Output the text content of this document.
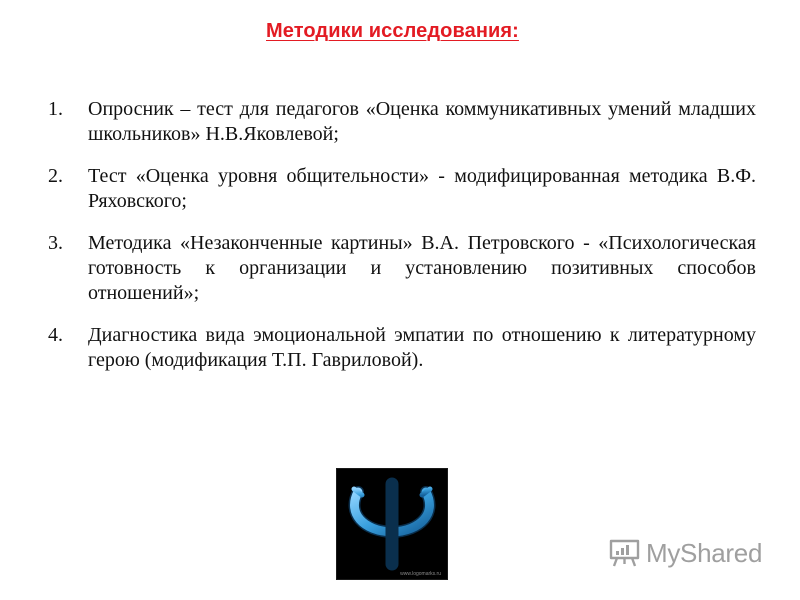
Методики исследования:
1.	Опросник – тест для педагогов «Оценка коммуникативных умений младших школьников» Н.В.Яковлевой;
2.	Тест «Оценка уровня общительности» - модифицированная методика В.Ф. Ряховского;
3.	Методика «Незаконченные картины» В.А. Петровского - «Психологическая готовность к организации и установлению позитивных способов отношений»;
4.	Диагностика вида эмоциональной эмпатии по отношению к литературному герою (модификация Т.П. Гавриловой).
www.logomarks.ru
MyShared
